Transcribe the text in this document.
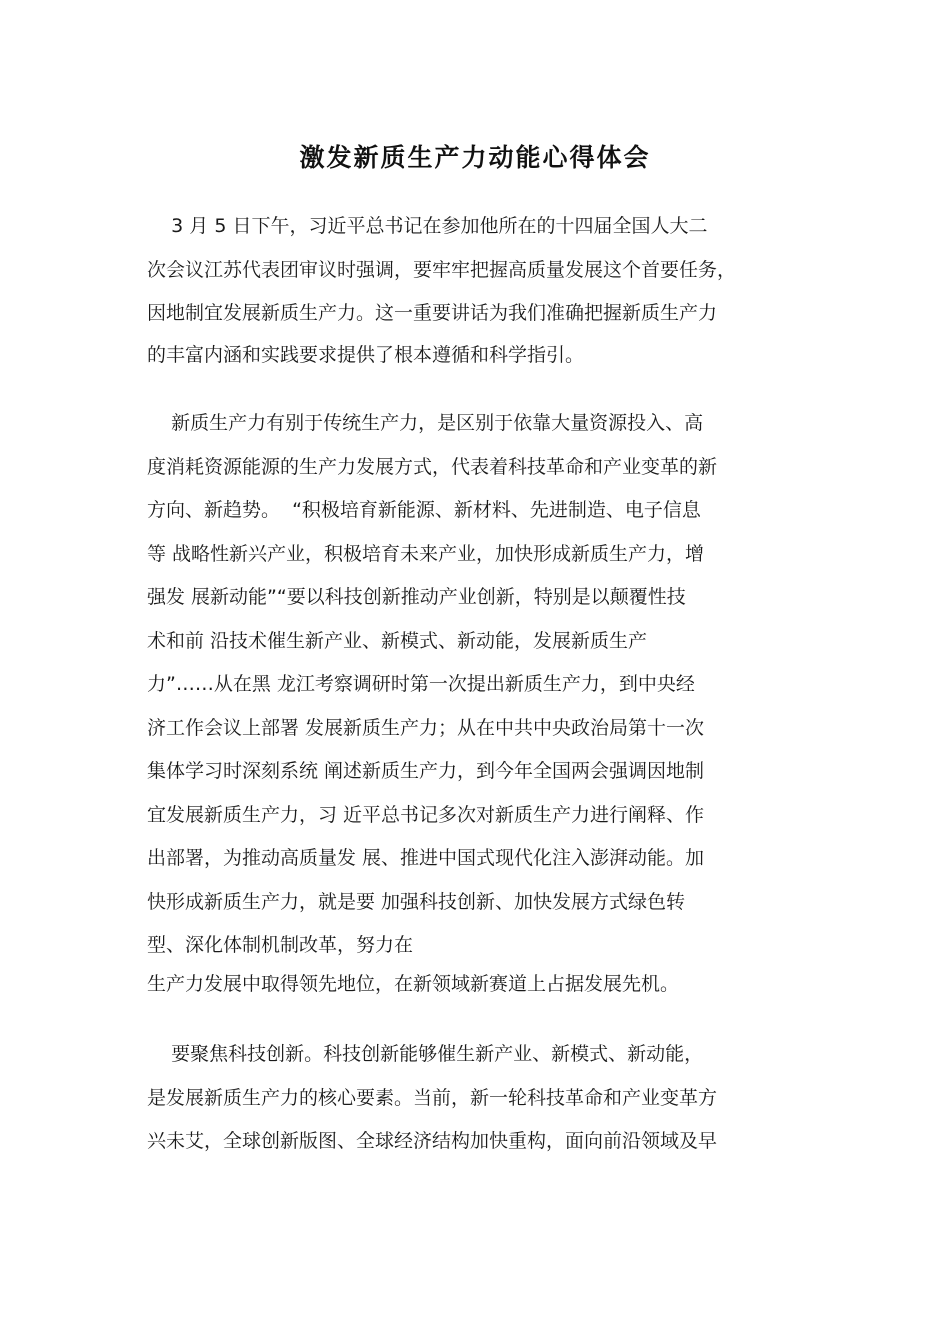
激发新质生产力动能心得体会

3 月 5 日下午，习近平总书记在参加他所在的十四届全国人大二

次会议江苏代表团审议时强调，要牢牢把握高质量发展这个首要任务，

因地制宜发展新质生产力。这一重要讲话为我们准确把握新质生产力

的丰富内涵和实践要求提供了根本遵循和科学指引。

新质生产力有别于传统生产力，是区别于依靠大量资源投入、高

度消耗资源能源的生产力发展方式，代表着科技革命和产业变革的新

方向、新趋势。  “积极培育新能源、新材料、先进制造、电子信息

等 战略性新兴产业，积极培育未来产业，加快形成新质生产力，增

强发 展新动能”“要以科技创新推动产业创新，特别是以颠覆性技

术和前 沿技术催生新产业、新模式、新动能，发展新质生产

力”……从在黑 龙江考察调研时第一次提出新质生产力，到中央经

济工作会议上部署 发展新质生产力；从在中共中央政治局第十一次

集体学习时深刻系统 阐述新质生产力，到今年全国两会强调因地制

宜发展新质生产力，习 近平总书记多次对新质生产力进行阐释、作

出部署，为推动高质量发 展、推进中国式现代化注入澎湃动能。加

快形成新质生产力，就是要 加强科技创新、加快发展方式绿色转

型、深化体制机制改革，努力在

生产力发展中取得领先地位，在新领域新赛道上占据发展先机。

要聚焦科技创新。科技创新能够催生新产业、新模式、新动能，

是发展新质生产力的核心要素。当前，新一轮科技革命和产业变革方

兴未艾，全球创新版图、全球经济结构加快重构，面向前沿领域及早
